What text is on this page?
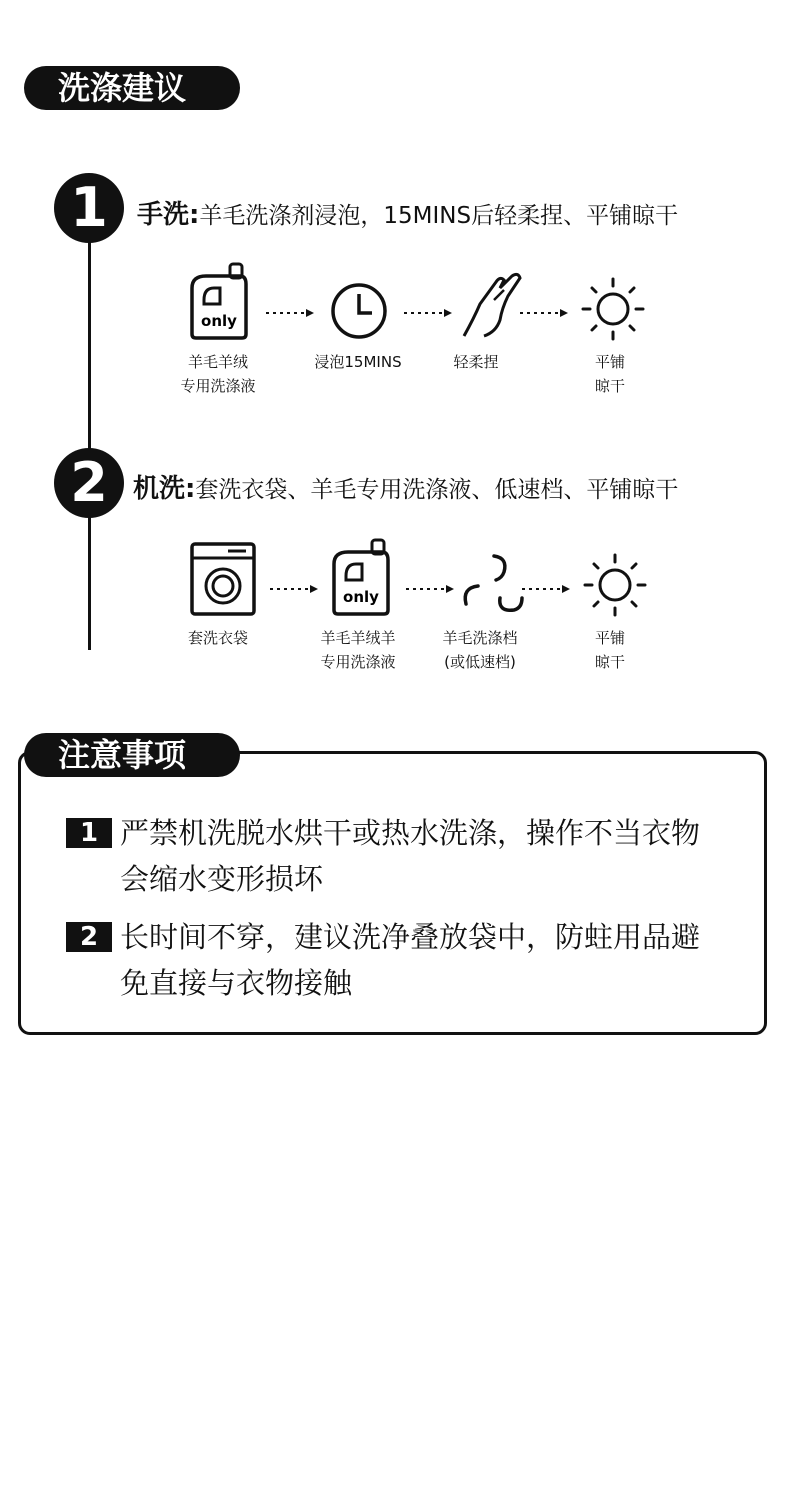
洗涤建议
1	手洗:羊毛洗涤剂浸泡，15MINS后轻柔捏、平铺晾干
only
羊毛羊绒
专用洗涤液
浸泡15MINS	轻柔捏	平铺
晾干
2 机洗:套洗衣袋、羊毛专用洗涤液、低速档、平铺晾干
only
套洗衣袋	羊毛羊绒羊
专用洗涤液
羊毛洗涤档
(或低速档)
平铺
晾干
注意事项
1 严禁机洗脱水烘干或热水洗涤，操作不当衣物
会缩水变形损坏
2 长时间不穿，建议洗净叠放袋中，防蛀用品避
免直接与衣物接触
